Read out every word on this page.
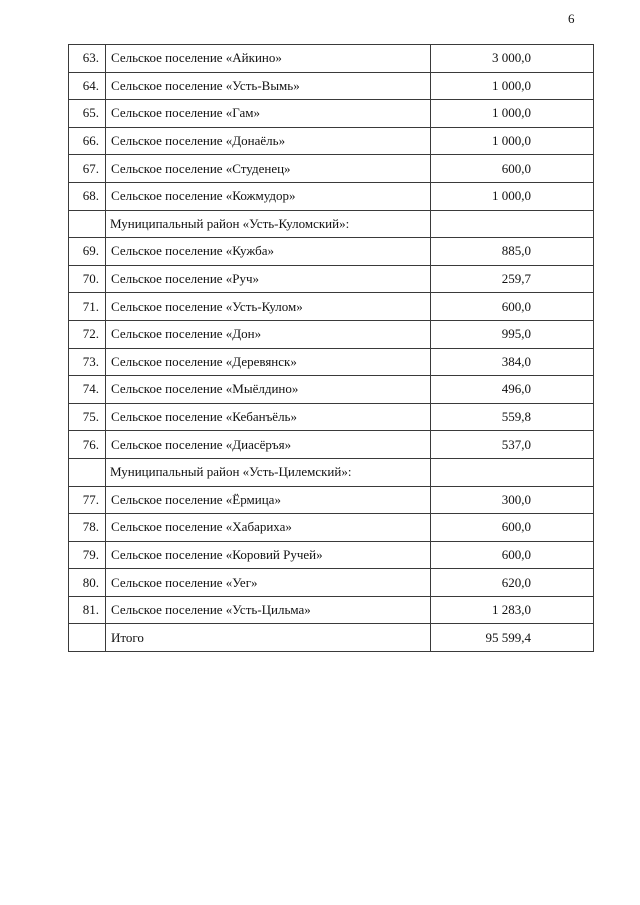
6
63.	Сельское поселение «Айкино»	3 000,0
64.	Сельское поселение «Усть-Вымь»	1 000,0
65.	Сельское поселение «Гам»	1 000,0
66.	Сельское поселение «Донаёль»	1 000,0
67.	Сельское поселение «Студенец»	600,0
68.	Сельское поселение «Кожмудор»	1 000,0
	Муниципальный район «Усть-Куломский»:	
69.	Сельское поселение «Кужба»	885,0
70.	Сельское поселение «Руч»	259,7
71.	Сельское поселение «Усть-Кулом»	600,0
72.	Сельское поселение «Дон»	995,0
73.	Сельское поселение «Деревянск»	384,0
74.	Сельское поселение «Мыёлдино»	496,0
75.	Сельское поселение «Кебанъёль»	559,8
76.	Сельское поселение «Диасёръя»	537,0
	Муниципальный район «Усть-Цилемский»:	
77.	Сельское поселение «Ёрмица»	300,0
78.	Сельское поселение «Хабариха»	600,0
79.	Сельское поселение «Коровий Ручей»	600,0
80.	Сельское поселение «Уег»	620,0
81.	Сельское поселение «Усть-Цильма»	1 283,0
	Итого	95 599,4
